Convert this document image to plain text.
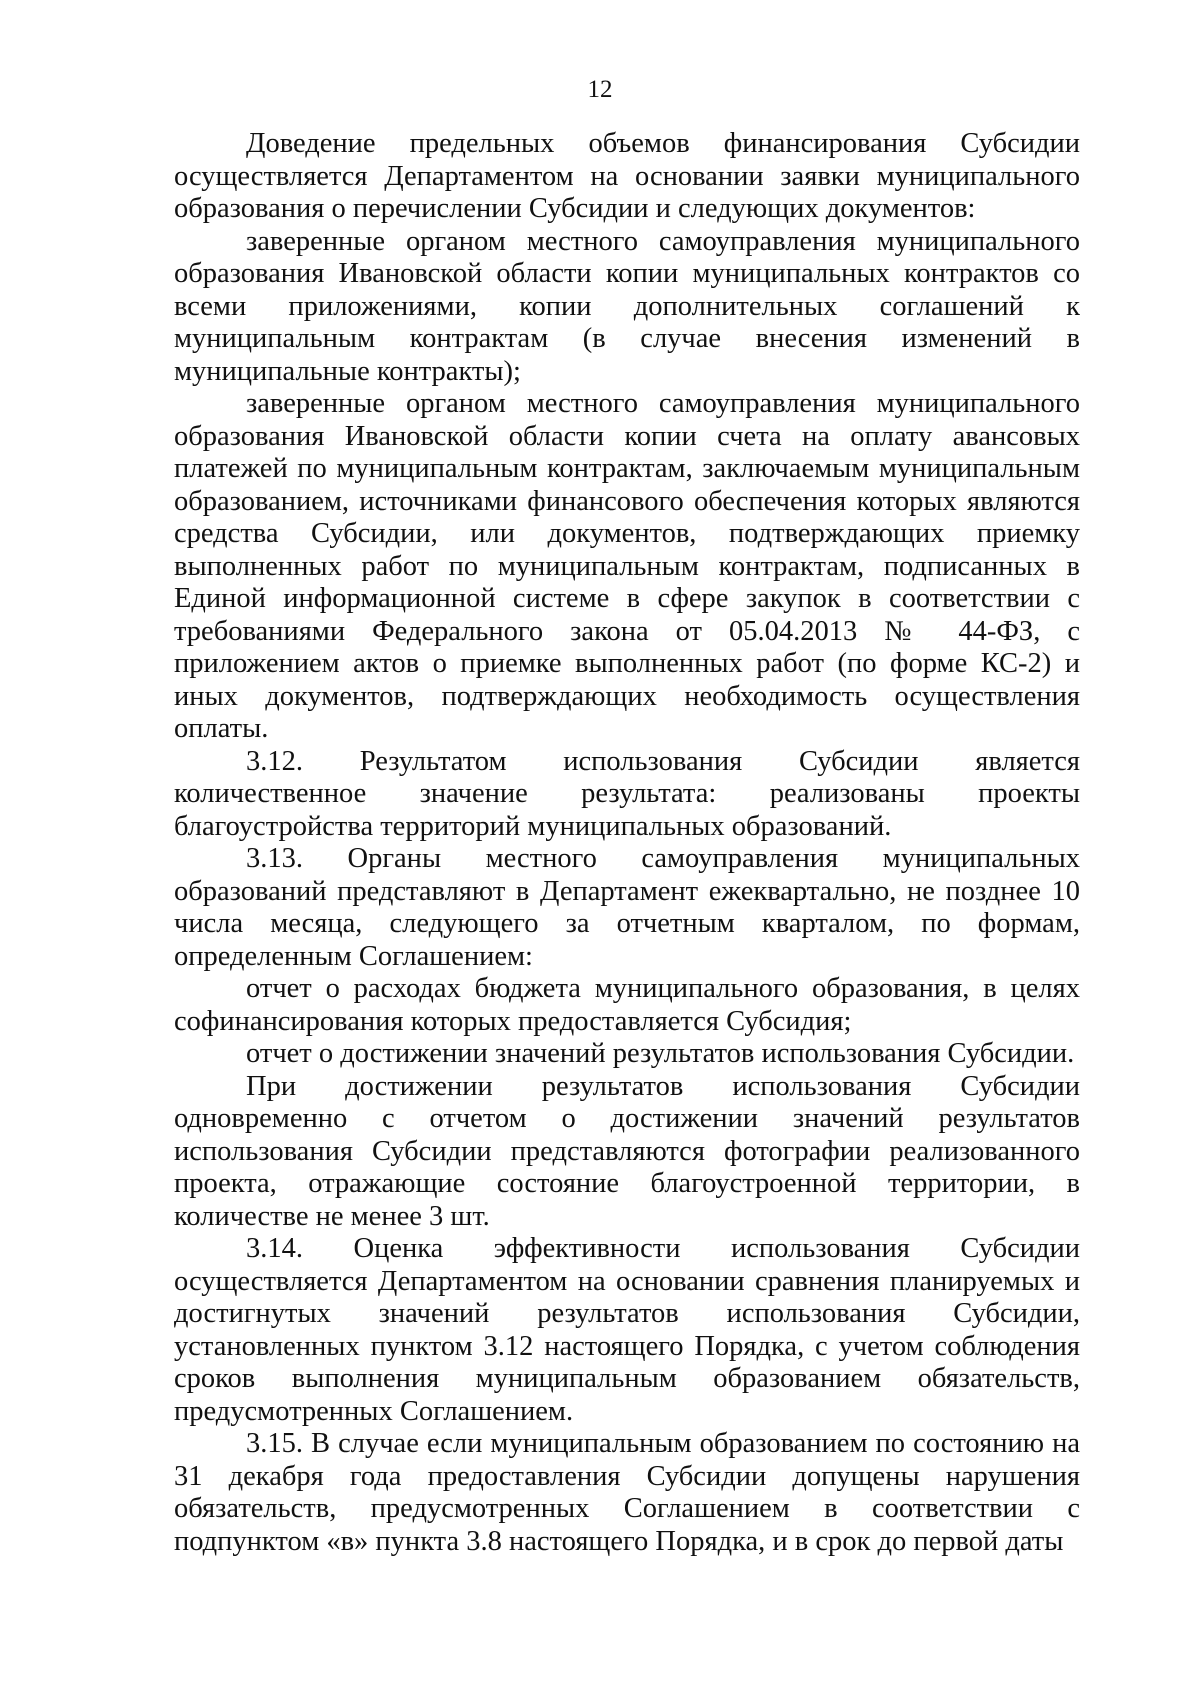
12

Доведение предельных объемов финансирования Субсидии осуществляется Департаментом на основании заявки муниципального образования о перечислении Субсидии и следующих документов:

заверенные органом местного самоуправления муниципального образования Ивановской области копии муниципальных контрактов со всеми приложениями, копии дополнительных соглашений к муниципальным контрактам (в случае внесения изменений в муниципальные контракты);

заверенные органом местного самоуправления муниципального образования Ивановской области копии счета на оплату авансовых платежей по муниципальным контрактам, заключаемым муниципальным образованием, источниками финансового обеспечения которых являются средства Субсидии, или документов, подтверждающих приемку выполненных работ по муниципальным контрактам, подписанных в Единой информационной системе в сфере закупок в соответствии с требованиями Федерального закона от 05.04.2013 № 44-ФЗ, с приложением актов о приемке выполненных работ (по форме КС-2) и иных документов, подтверждающих необходимость осуществления оплаты.

3.12. Результатом использования Субсидии является количественное значение результата: реализованы проекты благоустройства территорий муниципальных образований.

3.13. Органы местного самоуправления муниципальных образований представляют в Департамент ежеквартально, не позднее 10 числа месяца, следующего за отчетным кварталом, по формам, определенным Соглашением:

отчет о расходах бюджета муниципального образования, в целях софинансирования которых предоставляется Субсидия;

отчет о достижении значений результатов использования Субсидии.

При достижении результатов использования Субсидии одновременно с отчетом о достижении значений результатов использования Субсидии представляются фотографии реализованного проекта, отражающие состояние благоустроенной территории, в количестве не менее 3 шт.

3.14. Оценка эффективности использования Субсидии осуществляется Департаментом на основании сравнения планируемых и достигнутых значений результатов использования Субсидии, установленных пунктом 3.12 настоящего Порядка, с учетом соблюдения сроков выполнения муниципальным образованием обязательств, предусмотренных Соглашением.

3.15. В случае если муниципальным образованием по состоянию на 31 декабря года предоставления Субсидии допущены нарушения обязательств, предусмотренных Соглашением в соответствии с подпунктом «в» пункта 3.8 настоящего Порядка, и в срок до первой даты
